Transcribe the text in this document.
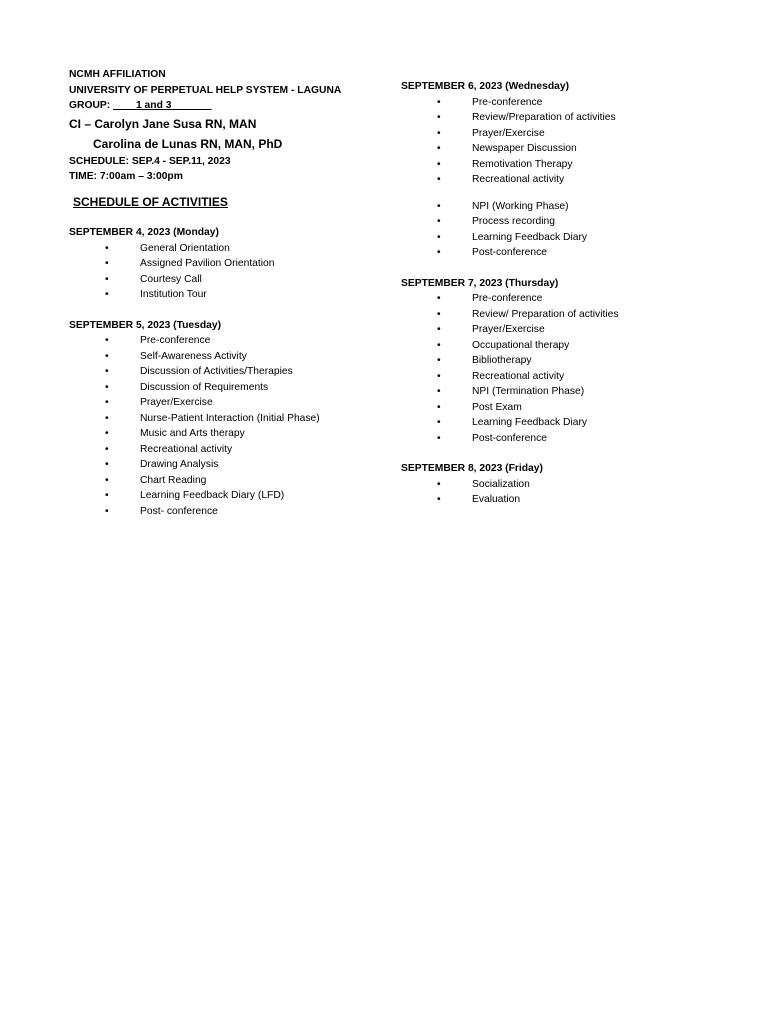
NCMH AFFILIATION
UNIVERSITY OF PERPETUAL HELP SYSTEM - LAGUNA
GROUP: ____1 and 3_______
CI – Carolyn Jane Susa RN, MAN
Carolina de Lunas RN, MAN, PhD
SCHEDULE: SEP.4 - SEP.11, 2023
TIME: 7:00am – 3:00pm
SCHEDULE OF ACTIVITIES
SEPTEMBER 4, 2023 (Monday)
•	General Orientation
•	Assigned Pavilion Orientation
•	Courtesy Call
•	Institution Tour
SEPTEMBER 5, 2023 (Tuesday)
•	Pre-conference
•	Self-Awareness Activity
•	Discussion of Activities/Therapies
•	Discussion of Requirements
•	Prayer/Exercise
•	Nurse-Patient Interaction (Initial Phase)
•	Music and Arts therapy
•	Recreational activity
•	Drawing Analysis
•	Chart Reading
•	Learning Feedback Diary (LFD)
•	Post- conference
SEPTEMBER 6, 2023 (Wednesday)
•	Pre-conference
•	Review/Preparation of activities
•	Prayer/Exercise
•	Newspaper Discussion
•	Remotivation Therapy
•	Recreational activity
•	NPI (Working Phase)
•	Process recording
•	Learning Feedback Diary
•	Post-conference
SEPTEMBER 7, 2023 (Thursday)
•	Pre-conference
•	Review/ Preparation of activities
•	Prayer/Exercise
•	Occupational therapy
•	Bibliotherapy
•	Recreational activity
•	NPI (Termination Phase)
•	Post Exam
•	Learning Feedback Diary
•	Post-conference
SEPTEMBER 8, 2023 (Friday)
•	Socialization
•	Evaluation
